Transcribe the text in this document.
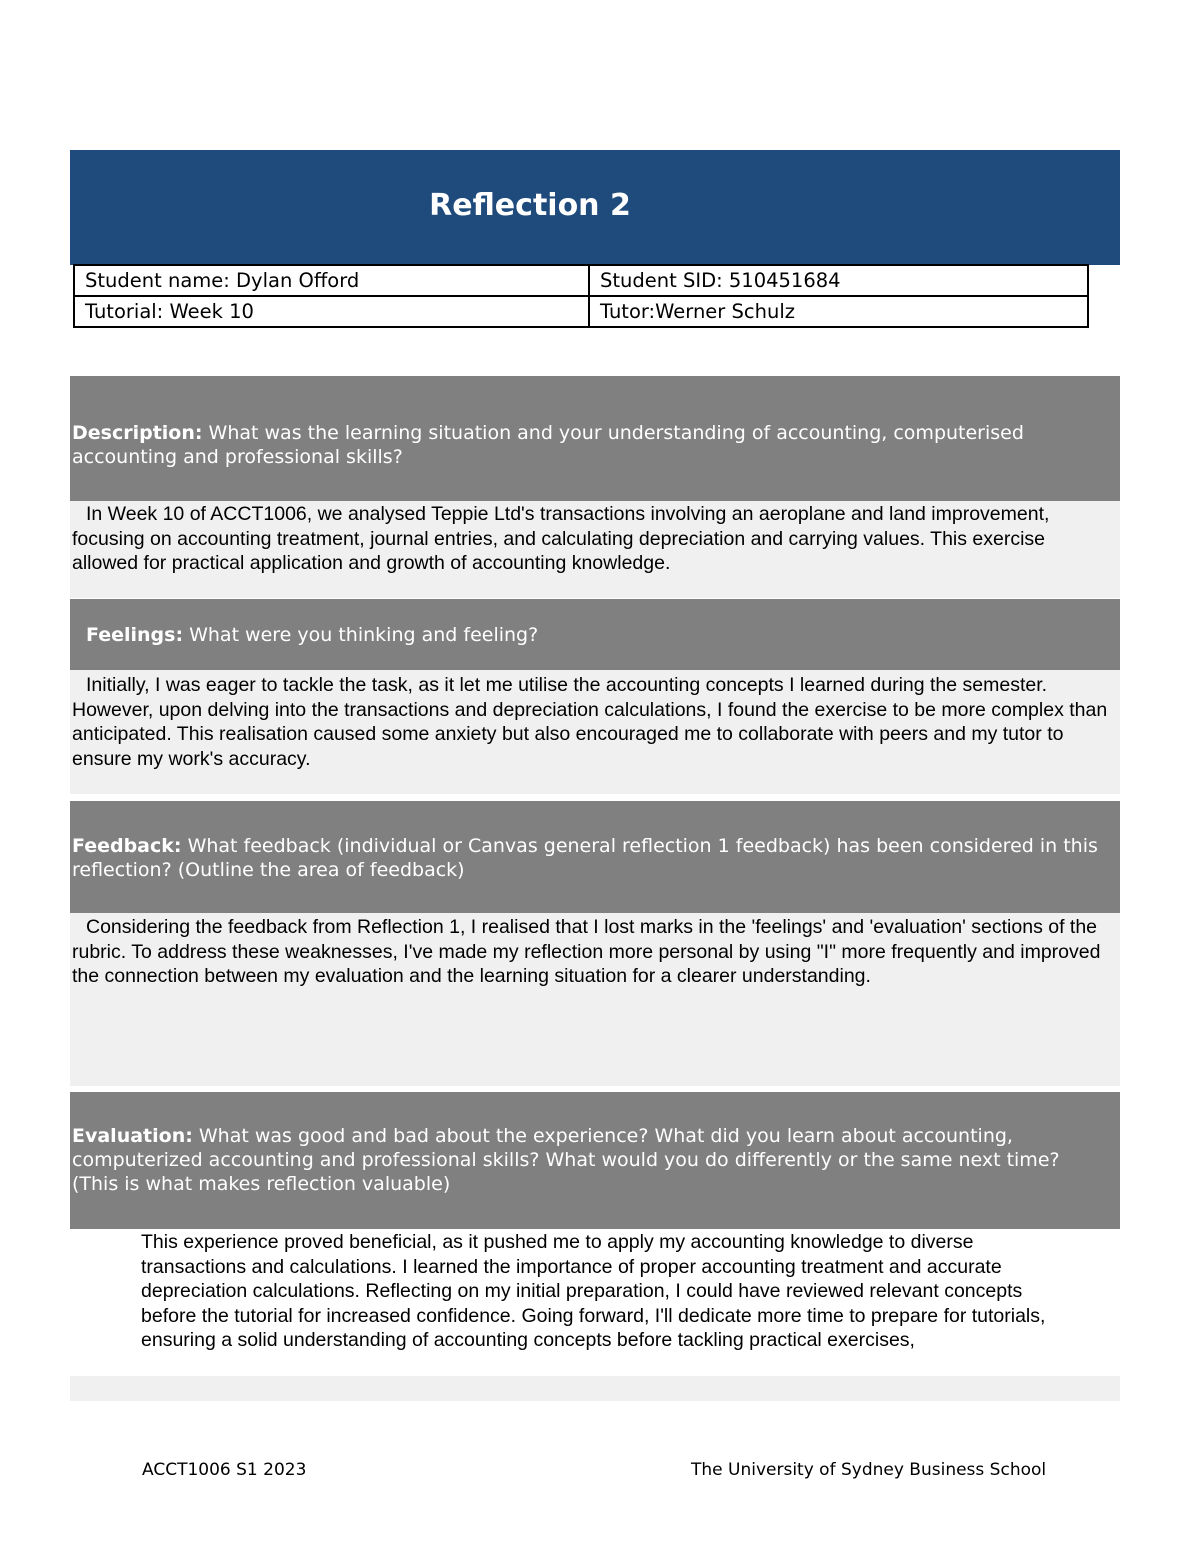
Reflection 2
Student name: Dylan Offord	Student SID: 510451684
Tutorial: Week 10	Tutor:Werner Schulz
Description: What was the learning situation and your understanding of accounting, computerised accounting and professional skills?
In Week 10 of ACCT1006, we analysed Teppie Ltd's transactions involving an aeroplane and land improvement, focusing on accounting treatment, journal entries, and calculating depreciation and carrying values. This exercise allowed for practical application and growth of accounting knowledge.
Feelings: What were you thinking and feeling?
Initially, I was eager to tackle the task, as it let me utilise the accounting concepts I learned during the semester. However, upon delving into the transactions and depreciation calculations, I found the exercise to be more complex than anticipated. This realisation caused some anxiety but also encouraged me to collaborate with peers and my tutor to ensure my work's accuracy.
Feedback: What feedback (individual or Canvas general reflection 1 feedback) has been considered in this reflection? (Outline the area of feedback)
Considering the feedback from Reflection 1, I realised that I lost marks in the 'feelings' and 'evaluation' sections of the rubric. To address these weaknesses, I've made my reflection more personal by using "I" more frequently and improved the connection between my evaluation and the learning situation for a clearer understanding.
Evaluation: What was good and bad about the experience? What did you learn about accounting, computerized accounting and professional skills? What would you do differently or the same next time? (This is what makes reflection valuable)
This experience proved beneficial, as it pushed me to apply my accounting knowledge to diverse transactions and calculations. I learned the importance of proper accounting treatment and accurate depreciation calculations. Reflecting on my initial preparation, I could have reviewed relevant concepts before the tutorial for increased confidence. Going forward, I'll dedicate more time to prepare for tutorials, ensuring a solid understanding of accounting concepts before tackling practical exercises,
ACCT1006 S1 2023	The University of Sydney Business School
